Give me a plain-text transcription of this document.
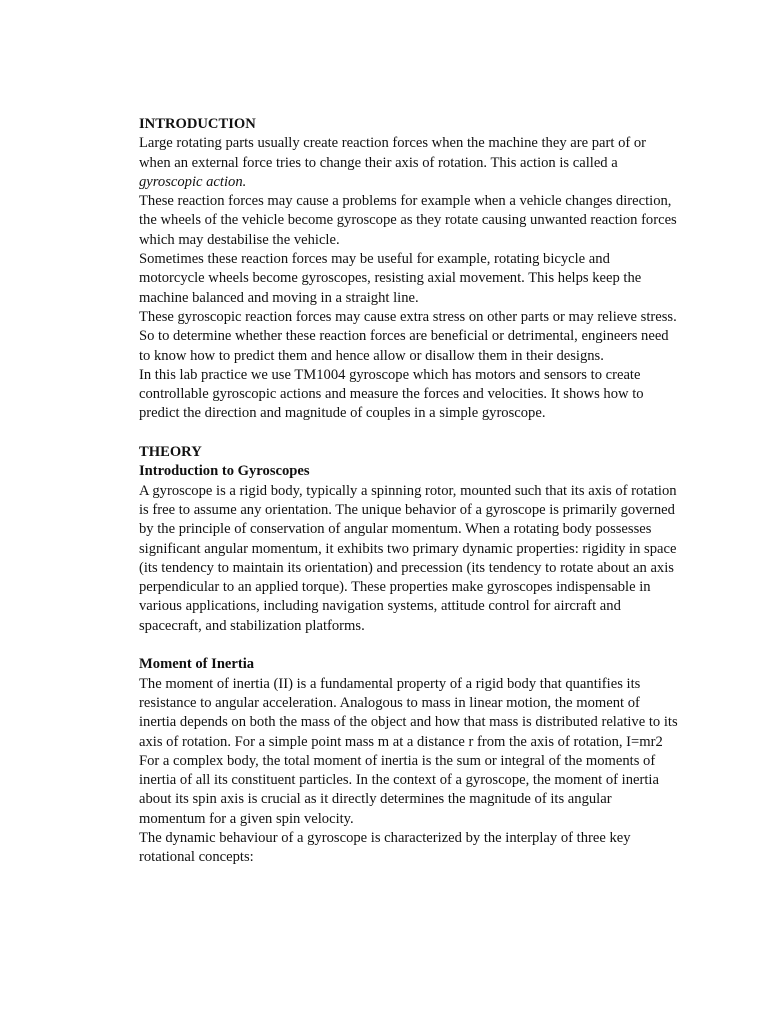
INTRODUCTION

Large rotating parts usually create reaction forces when the machine they are part of or when an external force tries to change their axis of rotation. This action is called a gyroscopic action.

These reaction forces may cause a problems for example when a vehicle changes direction, the wheels of the vehicle become gyroscope as they rotate causing unwanted reaction forces which may destabilise the vehicle.

Sometimes these reaction forces may be useful for example, rotating bicycle and motorcycle wheels become gyroscopes, resisting axial movement. This helps keep the machine balanced and moving in a straight line.

These gyroscopic reaction forces may cause extra stress on other parts or may relieve stress.

So to determine whether these reaction forces are beneficial or detrimental, engineers need to know how to predict them and hence allow or disallow them in their designs.

In this lab practice we use TM1004 gyroscope which has motors and sensors to create controllable gyroscopic actions and measure the forces and velocities. It shows how to predict the direction and magnitude of couples in a simple gyroscope.

THEORY
Introduction to Gyroscopes

A gyroscope is a rigid body, typically a spinning rotor, mounted such that its axis of rotation is free to assume any orientation. The unique behavior of a gyroscope is primarily governed by the principle of conservation of angular momentum. When a rotating body possesses significant angular momentum, it exhibits two primary dynamic properties: rigidity in space (its tendency to maintain its orientation) and precession (its tendency to rotate about an axis perpendicular to an applied torque). These properties make gyroscopes indispensable in various applications, including navigation systems, attitude control for aircraft and spacecraft, and stabilization platforms.

Moment of Inertia

The moment of inertia (II) is a fundamental property of a rigid body that quantifies its resistance to angular acceleration. Analogous to mass in linear motion, the moment of inertia depends on both the mass of the object and how that mass is distributed relative to its axis of rotation. For a simple point mass m at a distance r from the axis of rotation, I=mr2 For a complex body, the total moment of inertia is the sum or integral of the moments of inertia of all its constituent particles. In the context of a gyroscope, the moment of inertia about its spin axis is crucial as it directly determines the magnitude of its angular momentum for a given spin velocity.

The dynamic behaviour of a gyroscope is characterized by the interplay of three key rotational concepts:
